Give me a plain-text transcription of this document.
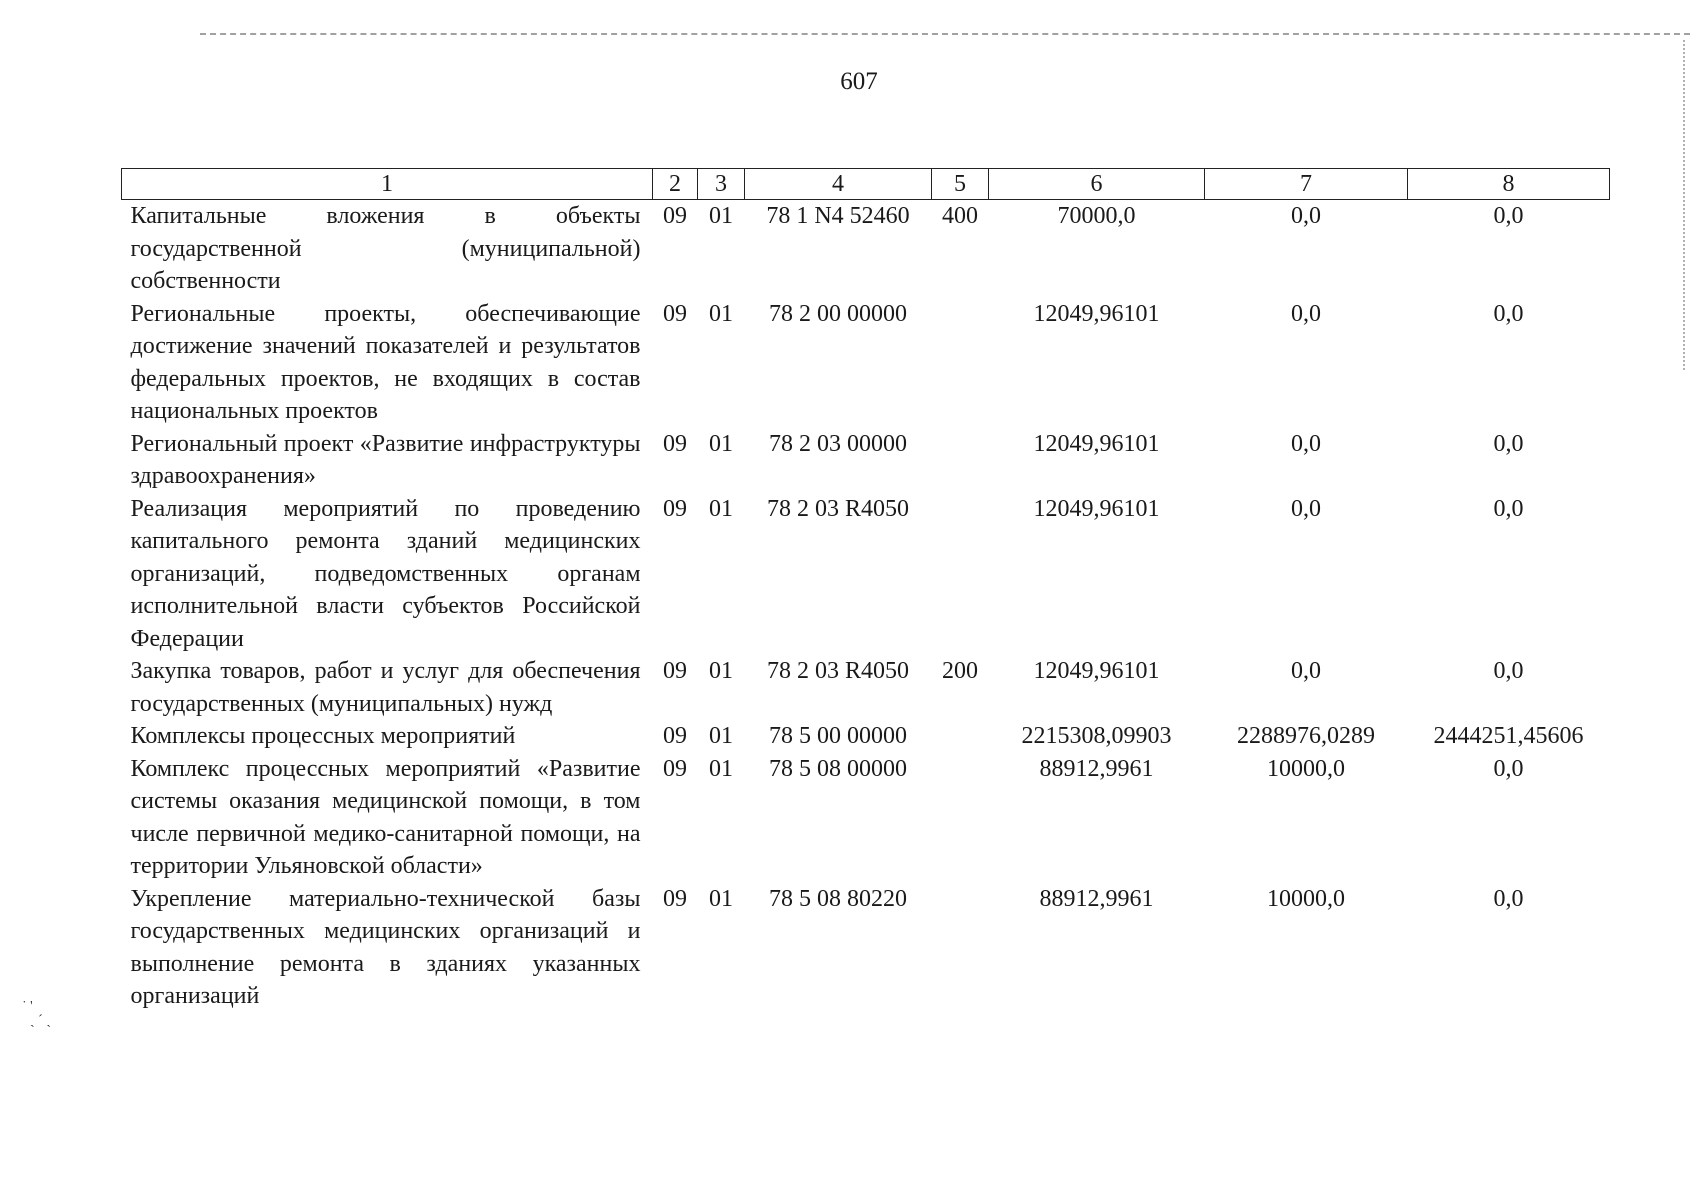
˙ '
ˏ ˊ ˎ
607
1	2	3	4	5	6	7	8
Капитальные вложения в объекты государственной (муниципальной) собственности	09	01	78 1 N4 52460	400	70000,0	0,0	0,0
Региональные проекты, обеспечивающие достижение значений показателей и результатов федеральных проектов, не входящих в состав национальных проектов	09	01	78 2 00 00000		12049,96101	0,0	0,0
Региональный проект «Развитие инфраструктуры здравоохранения»	09	01	78 2 03 00000		12049,96101	0,0	0,0
Реализация мероприятий по проведению капитального ремонта зданий медицинских организаций, подведомственных органам исполнительной власти субъектов Российской Федерации	09	01	78 2 03 R4050		12049,96101	0,0	0,0
Закупка товаров, работ и услуг для обеспечения государственных (муниципальных) нужд	09	01	78 2 03 R4050	200	12049,96101	0,0	0,0
Комплексы процессных мероприятий	09	01	78 5 00 00000		2215308,09903	2288976,0289	2444251,45606
Комплекс процессных мероприятий «Развитие системы оказания медицинской помощи, в том числе первичной медико-санитарной помощи, на территории Ульяновской области»	09	01	78 5 08 00000		88912,9961	10000,0	0,0
Укрепление материально-технической базы государственных медицинских организаций и выполнение ремонта в зданиях указанных организаций	09	01	78 5 08 80220		88912,9961	10000,0	0,0
